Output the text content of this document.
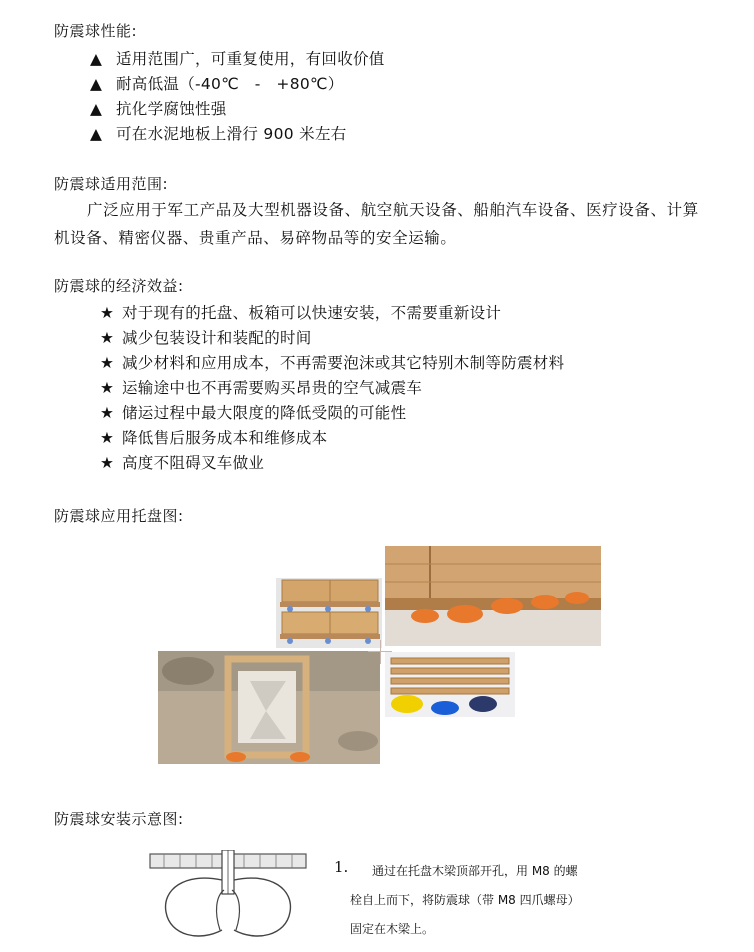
防震球性能:
▲ 适用范围广，可重复使用，有回收价值
▲ 耐高低温（-40℃　-　+80℃）
▲ 抗化学腐蚀性强
▲ 可在水泥地板上滑行 900 米左右
防震球适用范围:
广泛应用于军工产品及大型机器设备、航空航天设备、船舶汽车设备、医疗设备、计算机设备、精密仪器、贵重产品、易碎物品等的安全运输。
防震球的经济效益:
★ 对于现有的托盘、板箱可以快速安装，不需要重新设计
★ 减少包装设计和装配的时间
★ 减少材料和应用成本，不再需要泡沫或其它特别木制等防震材料
★ 运输途中也不再需要购买昂贵的空气减震车
★ 储运过程中最大限度的降低受陨的可能性
★ 降低售后服务成本和维修成本
★ 高度不阻碍叉车做业
防震球应用托盘图:
防震球安装示意图:
1.	通过在托盘木梁顶部开孔，用 M8 的螺
栓自上而下，将防震球（带 M8 四爪螺母）
固定在木梁上。
